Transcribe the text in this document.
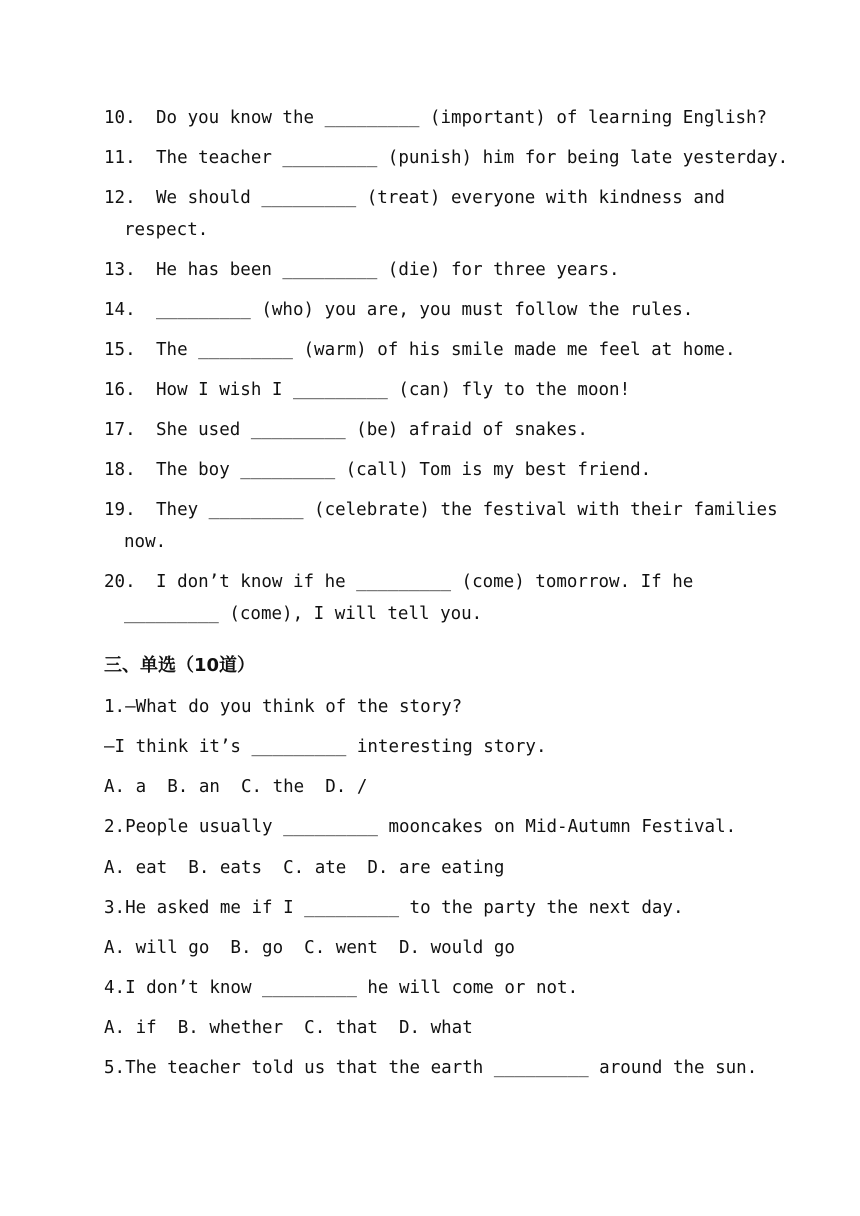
10. Do you know the _________ (important) of learning English?
11. The teacher _________ (punish) him for being late yesterday.
12. We should _________ (treat) everyone with kindness and
respect.
13. He has been _________ (die) for three years.
14. _________ (who) you are, you must follow the rules.
15. The _________ (warm) of his smile made me feel at home.
16. How I wish I _________ (can) fly to the moon!
17. She used _________ (be) afraid of snakes.
18. The boy _________ (call) Tom is my best friend.
19. They _________ (celebrate) the festival with their families
now.
20. I don’t know if he _________ (come) tomorrow. If he
_________ (come), I will tell you.
三、单选（10道）
1.—What do you think of the story?
—I think it’s _________ interesting story.
A. a  B. an  C. the  D. /
2.People usually _________ mooncakes on Mid-Autumn Festival.
A. eat  B. eats  C. ate  D. are eating
3.He asked me if I _________ to the party the next day.
A. will go  B. go  C. went  D. would go
4.I don’t know _________ he will come or not.
A. if  B. whether  C. that  D. what
5.The teacher told us that the earth _________ around the sun.
